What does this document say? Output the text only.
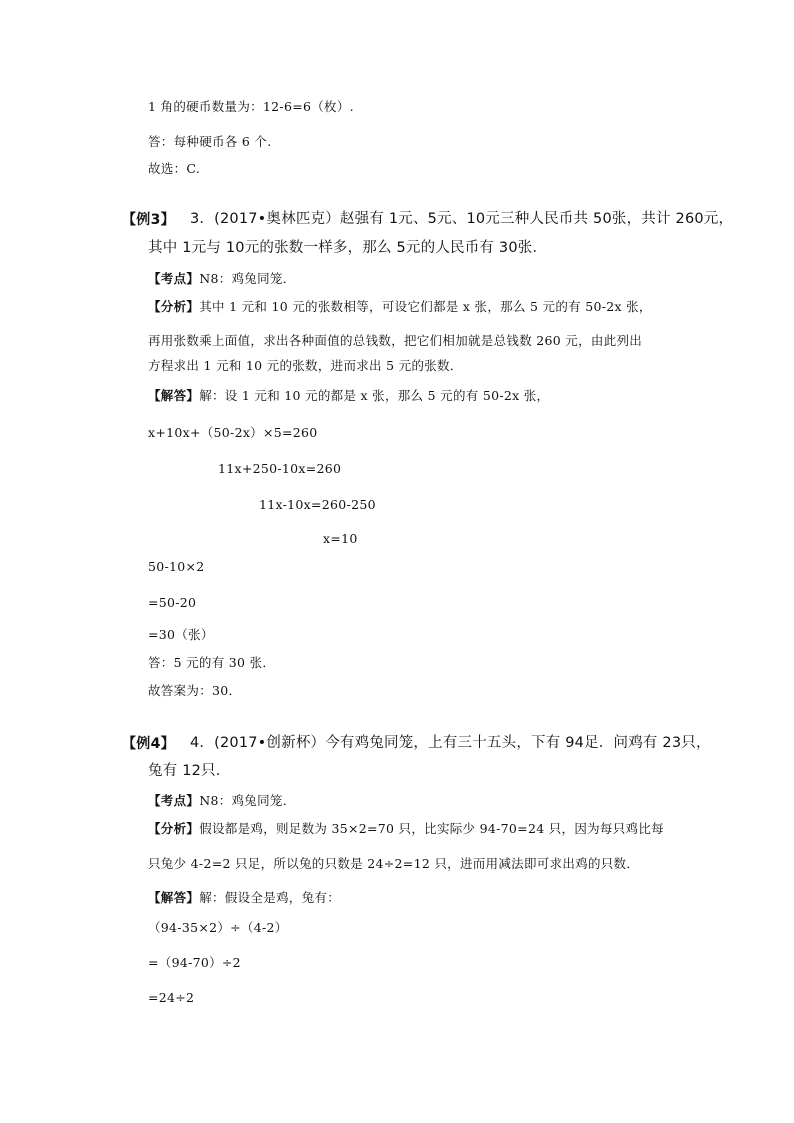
1 角的硬币数量为：12-6=6（枚）.
答：每种硬币各 6 个.
故选：C.
【例3】 3．(2017•奥林匹克）赵强有 1元、5元、10元三种人民币共 50张，共计 260元，
其中 1元与 10元的张数一样多，那么 5元的人民币有 30张．
【考点】N8：鸡兔同笼．
【分析】其中 1 元和 10 元的张数相等，可设它们都是 x 张，那么 5 元的有 50-2x 张，
再用张数乘上面值，求出各种面值的总钱数，把它们相加就是总钱数 260 元，由此列出
方程求出 1 元和 10 元的张数，进而求出 5 元的张数．
【解答】解：设 1 元和 10 元的都是 x 张，那么 5 元的有 50-2x 张，
x+10x+（50-2x）×5=260
11x+250-10x=260
11x-10x=260-250
x=10
50-10×2
=50-20
=30（张）
答：5 元的有 30 张．
故答案为：30．
【例4】 4．(2017•创新杯）今有鸡兔同笼，上有三十五头，下有 94足．问鸡有 23只，
兔有 12只．
【考点】N8：鸡兔同笼．
【分析】假设都是鸡，则足数为 35×2=70 只，比实际少 94-70=24 只，因为每只鸡比每
只兔少 4-2=2 只足，所以兔的只数是 24÷2=12 只，进而用减法即可求出鸡的只数．
【解答】解：假设全是鸡，兔有：
（94-35×2）÷（4-2）
=（94-70）÷2
=24÷2
